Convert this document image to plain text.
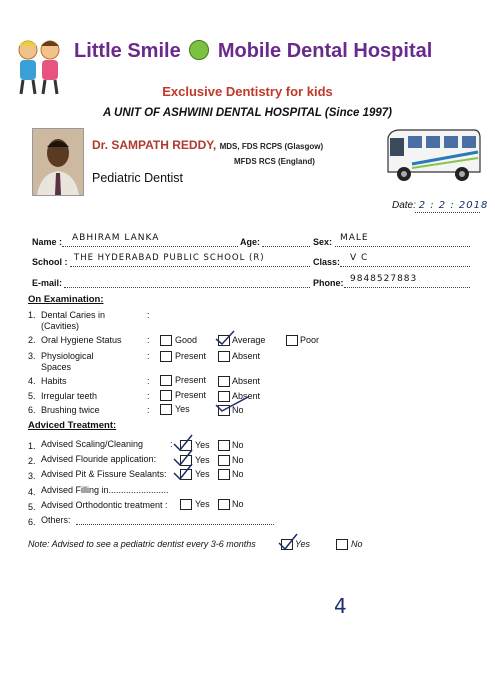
Little Smile Mobile Dental Hospital
Exclusive Dentistry for kids
A UNIT OF ASHWINI DENTAL HOSPITAL (Since 1997)
Dr. SAMPATH REDDY, MDS, FDS RCPS (Glasgow)
MFDS RCS (England)
Pediatric Dentist
Date: 2 : 2 : 2018
Name : ABHIRAM LANKA	Age:	Sex: MALE
School : THE HYDERABAD PUBLIC SCHOOL (R)	Class: V C
E-mail:	Phone: 9848527883
On Examination:
1. Dental Caries in (Cavities)
:
2. Oral Hygiene Status	:	Good	Average	Poor
3. Physiological Spaces
:	Present	Absent
4. Habits	:	Present	Absent
5. Irregular teeth	:	Present	Absent
6. Brushing twice	:	Yes	No
Adviced Treatment:
1. Advised Scaling/Cleaning	: Yes No
2. Advised Flouride application:	Yes No
3. Advised Pit & Fissure Sealants:	Yes No
4. Advised Filling in........................
5. Advised Orthodontic treatment :	Yes No
6. Others:
Note: Advised to see a pediatric dentist every 3-6 months	Yes	No
4
